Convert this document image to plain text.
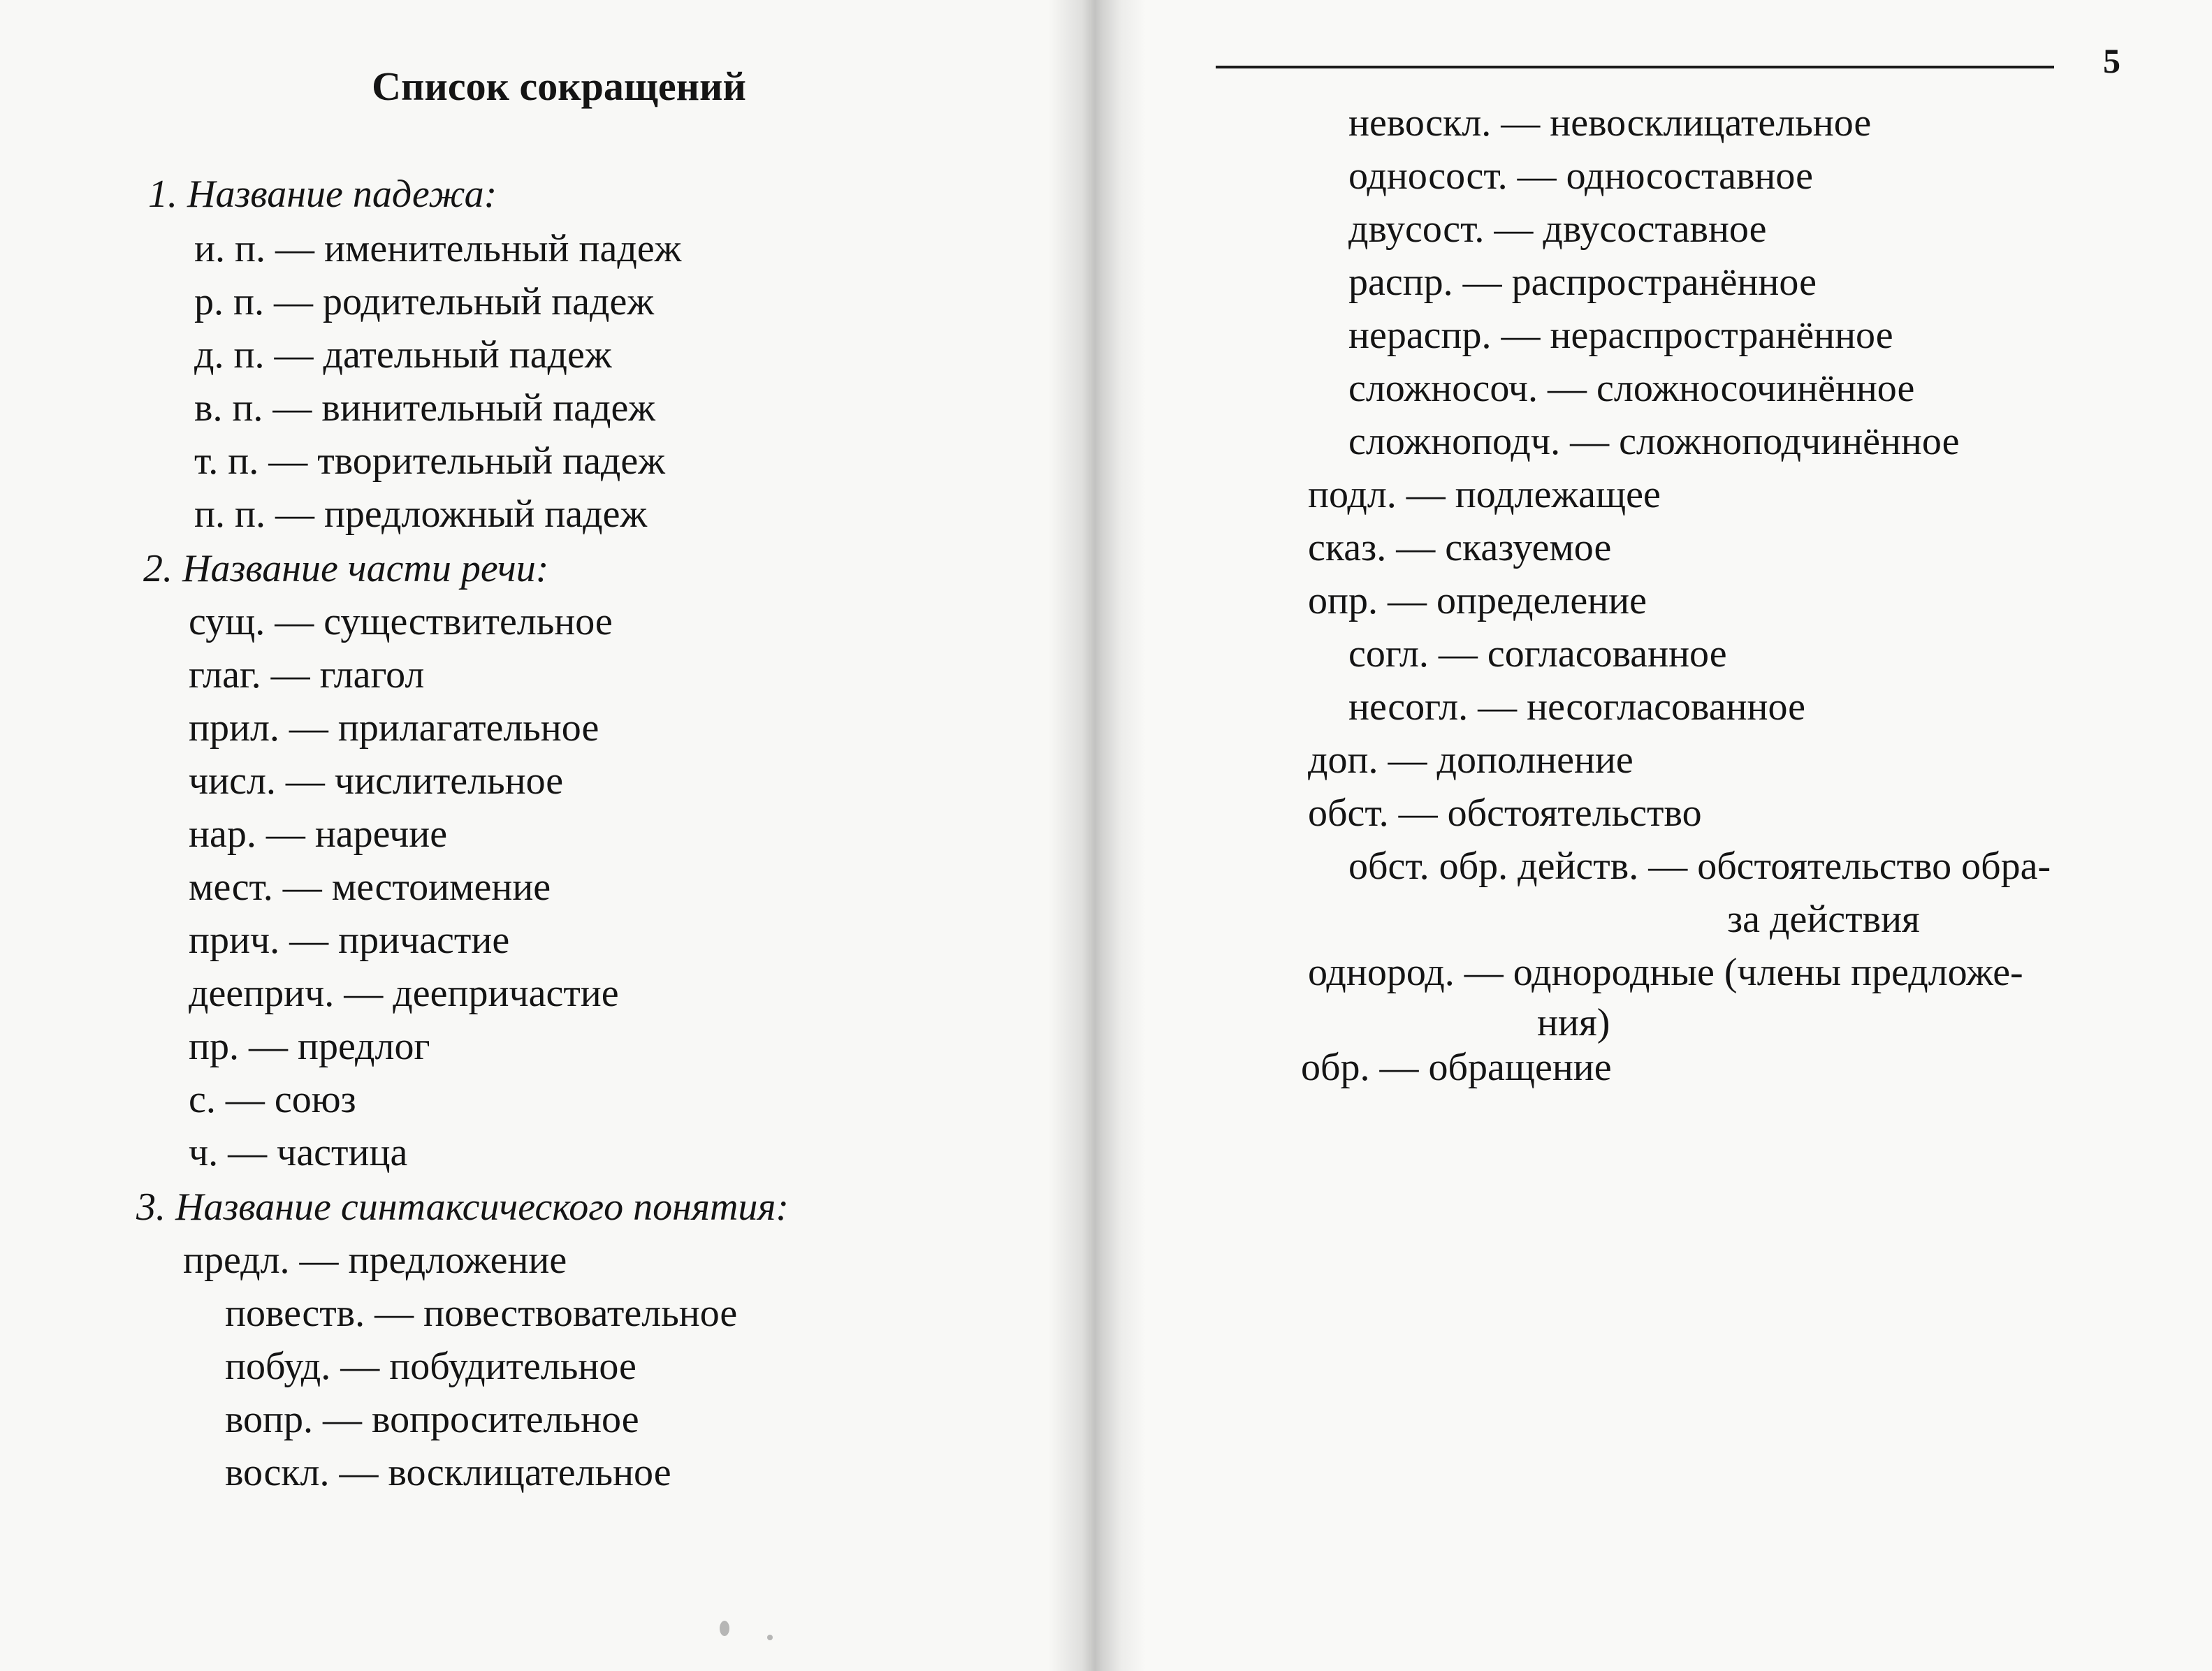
Список сокращений
1. Название падежа:
и. п. — именительный падеж
р. п. — родительный падеж
д. п. — дательный падеж
в. п. — винительный падеж
т. п. — творительный падеж
п. п. — предложный падеж
2. Название части речи:
сущ. — существительное
глаг. — глагол
прил. — прилагательное
числ. — числительное
нар. — наречие
мест. — местоимение
прич. — причастие
дееприч. — деепричастие
пр. — предлог
с. — союз
ч. — частица
3. Название синтаксического понятия:
предл. — предложение
повеств. — повествовательное
побуд. — побудительное
вопр. — вопросительное
воскл. — восклицательное
5
невоскл. — невосклицательное
односост. — односоставное
двусост. — двусоставное
распр. — распространённое
нераспр. — нераспространённое
сложносоч. — сложносочинённое
сложноподч. — сложноподчинённое
подл. — подлежащее
сказ. — сказуемое
опр. — определение
согл. — согласованное
несогл. — несогласованное
доп. — дополнение
обст. — обстоятельство
обст. обр. действ. — обстоятельство обра-
за действия
однород. — однородные (члены предложе-
ния)
обр. — обращение
